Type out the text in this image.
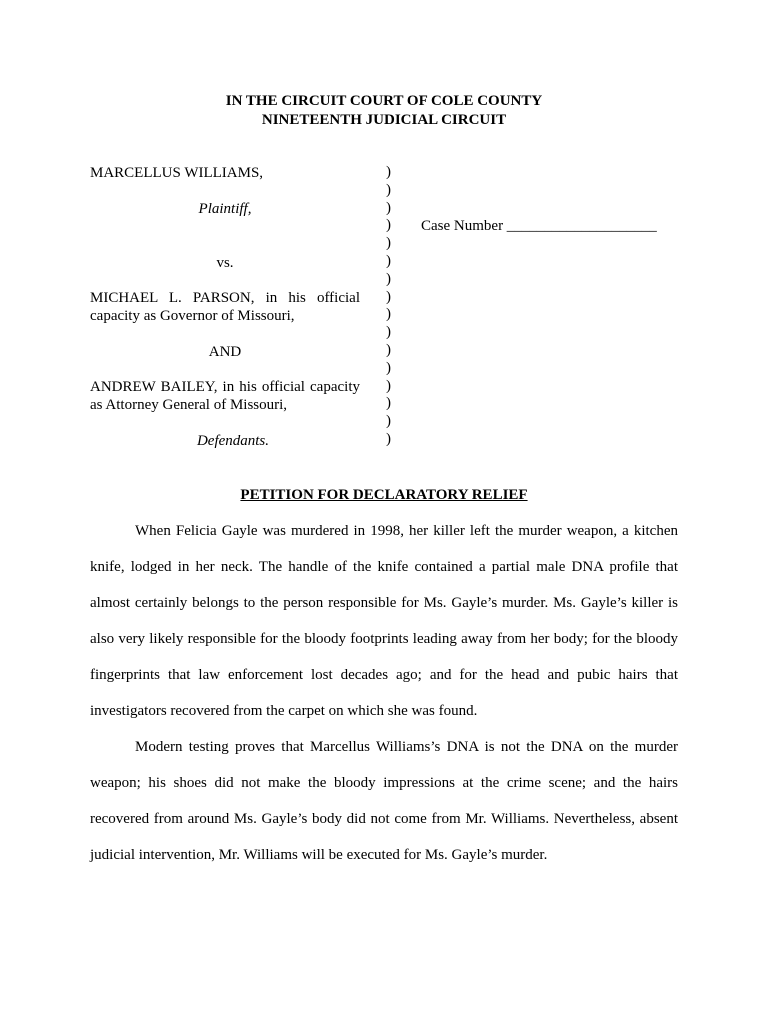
IN THE CIRCUIT COURT OF COLE COUNTY
NINETEENTH JUDICIAL CIRCUIT
MARCELLUS WILLIAMS,
Plaintiff,
vs.
MICHAEL L. PARSON, in his official
capacity as Governor of Missouri,
AND
ANDREW BAILEY, in his official capacity
as Attorney General of Missouri,
Defendants.
)
)
)
)
)
)
)
)
)
)
)
)
)
)
)
)
Case Number ____________________
PETITION FOR DECLARATORY RELIEF
When Felicia Gayle was murdered in 1998, her killer left the murder weapon, a kitchen knife, lodged in her neck. The handle of the knife contained a partial male DNA profile that almost certainly belongs to the person responsible for Ms. Gayle’s murder. Ms. Gayle’s killer is also very likely responsible for the bloody footprints leading away from her body; for the bloody fingerprints that law enforcement lost decades ago; and for the head and pubic hairs that investigators recovered from the carpet on which she was found.
Modern testing proves that Marcellus Williams’s DNA is not the DNA on the murder weapon; his shoes did not make the bloody impressions at the crime scene; and the hairs recovered from around Ms. Gayle’s body did not come from Mr. Williams. Nevertheless, absent judicial intervention, Mr. Williams will be executed for Ms. Gayle’s murder.
